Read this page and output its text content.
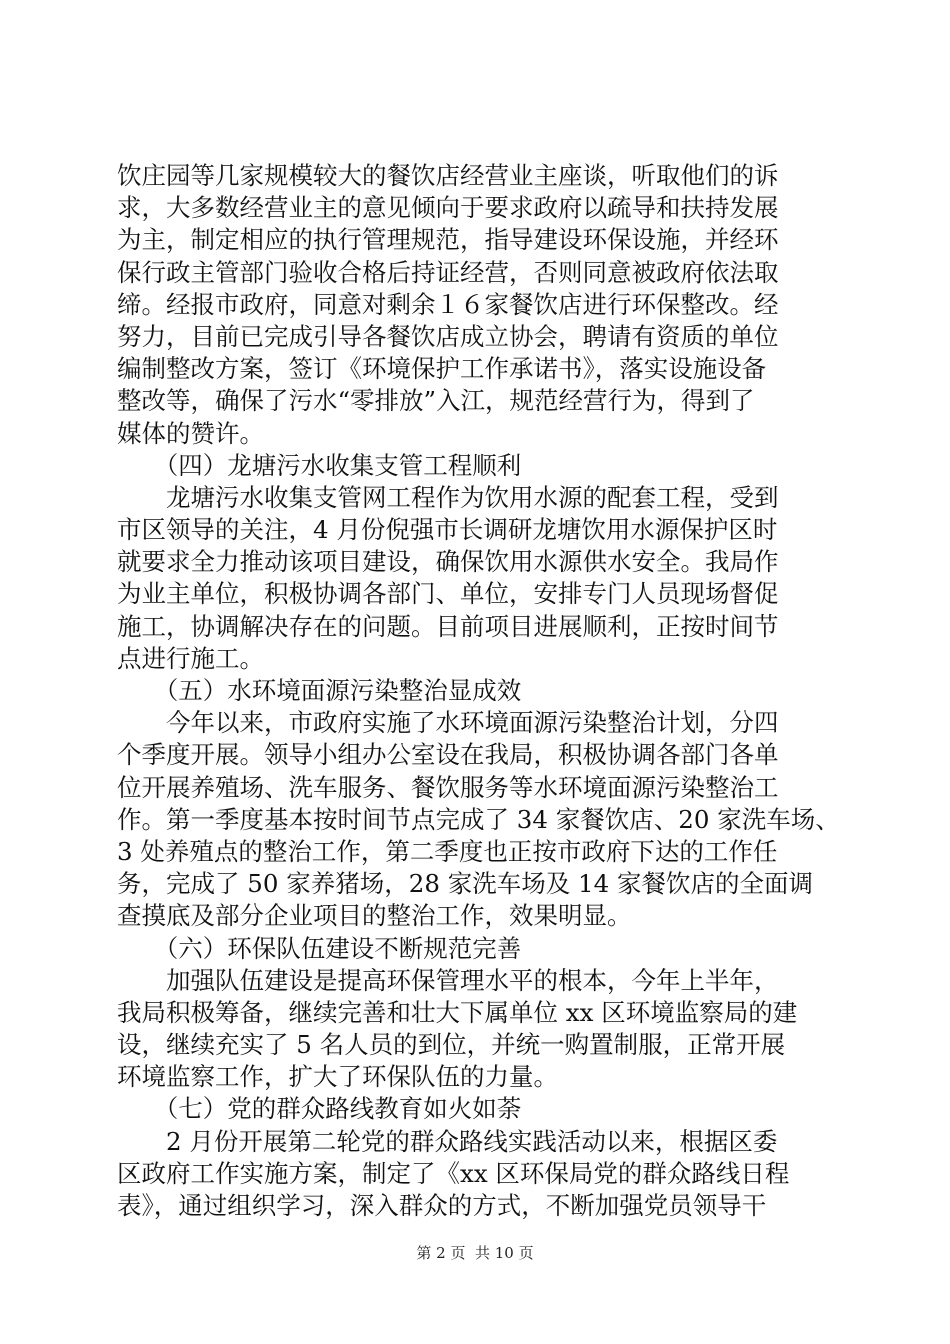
饮庄园等几家规模较大的餐饮店经营业主座谈，听取他们的诉
求，大多数经营业主的意见倾向于要求政府以疏导和扶持发展
为主，制定相应的执行管理规范，指导建设环保设施，并经环
保行政主管部门验收合格后持证经营，否则同意被政府依法取
缔。经报市政府，同意对剩余１６家餐饮店进行环保整改。经
努力，目前已完成引导各餐饮店成立协会，聘请有资质的单位
编制整改方案，签订《环境保护工作承诺书》，落实设施设备
整改等，确保了污水“零排放”入江，规范经营行为，得到了
媒体的赞许。
　　（四）龙塘污水收集支管工程顺利
　　龙塘污水收集支管网工程作为饮用水源的配套工程，受到
市区领导的关注，4 月份倪强市长调研龙塘饮用水源保护区时
就要求全力推动该项目建设，确保饮用水源供水安全。我局作
为业主单位，积极协调各部门、单位，安排专门人员现场督促
施工，协调解决存在的问题。目前项目进展顺利，正按时间节
点进行施工。
　　（五）水环境面源污染整治显成效
　　今年以来，市政府实施了水环境面源污染整治计划，分四
个季度开展。领导小组办公室设在我局，积极协调各部门各单
位开展养殖场、洗车服务、餐饮服务等水环境面源污染整治工
作。第一季度基本按时间节点完成了 34 家餐饮店、20 家洗车场、
3 处养殖点的整治工作，第二季度也正按市政府下达的工作任
务，完成了 50 家养猪场，28 家洗车场及 14 家餐饮店的全面调
查摸底及部分企业项目的整治工作，效果明显。
　　（六）环保队伍建设不断规范完善
　　加强队伍建设是提高环保管理水平的根本，今年上半年，
我局积极筹备，继续完善和壮大下属单位 xx 区环境监察局的建
设，继续充实了 5 名人员的到位，并统一购置制服，正常开展
环境监察工作，扩大了环保队伍的力量。
　　（七）党的群众路线教育如火如荼
　　2 月份开展第二轮党的群众路线实践活动以来，根据区委
区政府工作实施方案，制定了《xx 区环保局党的群众路线日程
表》，通过组织学习，深入群众的方式，不断加强党员领导干
第 2 页  共 10 页
